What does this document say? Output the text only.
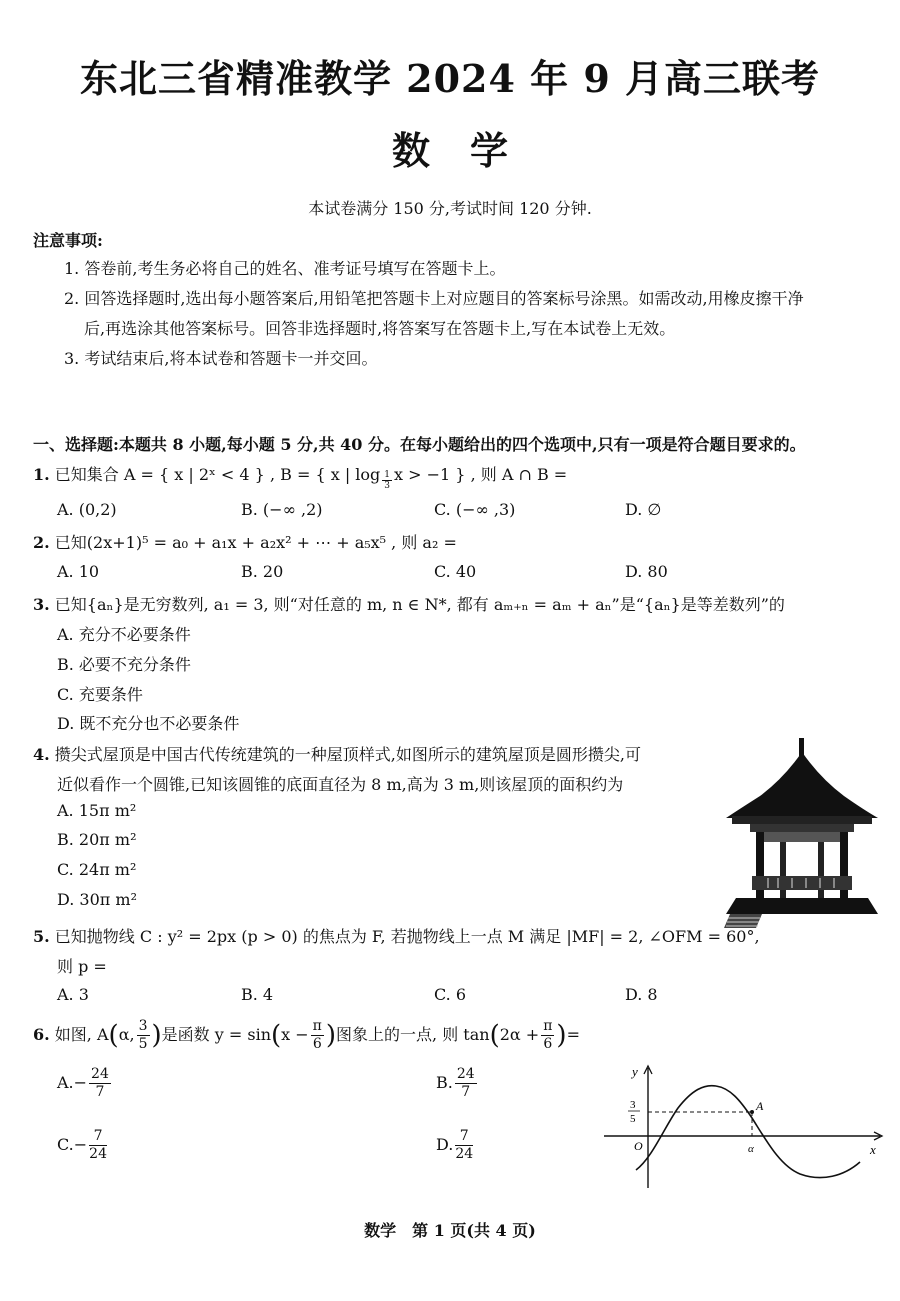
东北三省精准教学 2024 年 9 月高三联考
数学
本试卷满分 150 分,考试时间 120 分钟.
注意事项:
1. 答卷前,考生务必将自己的姓名、准考证号填写在答题卡上。
2. 回答选择题时,选出每小题答案后,用铅笔把答题卡上对应题目的答案标号涂黑。如需改动,用橡皮擦干净
后,再选涂其他答案标号。回答非选择题时,将答案写在答题卡上,写在本试卷上无效。
3. 考试结束后,将本试卷和答题卡一并交回。
一、选择题:本题共 8 小题,每小题 5 分,共 40 分。在每小题给出的四个选项中,只有一项是符合题目要求的。
1. 已知集合 A = { x | 2ˣ < 4 } , B = { x | $\log \frac{1}{3}$ x > −1 } , 则 A ∩ B =
A. (0,2)	B. (−∞ ,2)	C. (−∞ ,3)	D. ∅
2. 已知(2x+1)⁵ = a₀ + a₁x + a₂x² + ⋯ + a₅x⁵ , 则 a₂ =
A. 10	B. 20	C. 40	D. 80
3. 已知{aₙ}是无穷数列, a₁ = 3, 则“对任意的 m, n ∈ N*, 都有 aₘ₊ₙ = aₘ + aₙ”是“{aₙ}是等差数列”的
A. 充分不必要条件
B. 必要不充分条件
C. 充要条件
D. 既不充分也不必要条件
4. 攒尖式屋顶是中国古代传统建筑的一种屋顶样式,如图所示的建筑屋顶是圆形攒尖,可
近似看作一个圆锥,已知该圆锥的底面直径为 8 m,高为 3 m,则该屋顶的面积约为
A. 15π m²
B. 20π m²
C. 24π m²
D. 30π m²
5. 已知抛物线 C : y² = 2px (p > 0) 的焦点为 F, 若抛物线上一点 M 满足 |MF| = 2, ∠OFM = 60°,
则 p =
A. 3	B. 4	C. 6	D. 8
6. 如图, A(α, $\frac{3}{5}$ )是函数 $y = \sin(x - \frac{\pi}{6}$ )图象上的一点, 则 $\tan(2\alpha + \frac{\pi}{6}$ )=
$A.- \frac{24}{7}$	B. $\frac{24}{7}$
$C.- \frac{7}{24}$	D. $\frac{7}{24}$
y
x
O
A
α
3
5
数学　第 1 页(共 4 页)
